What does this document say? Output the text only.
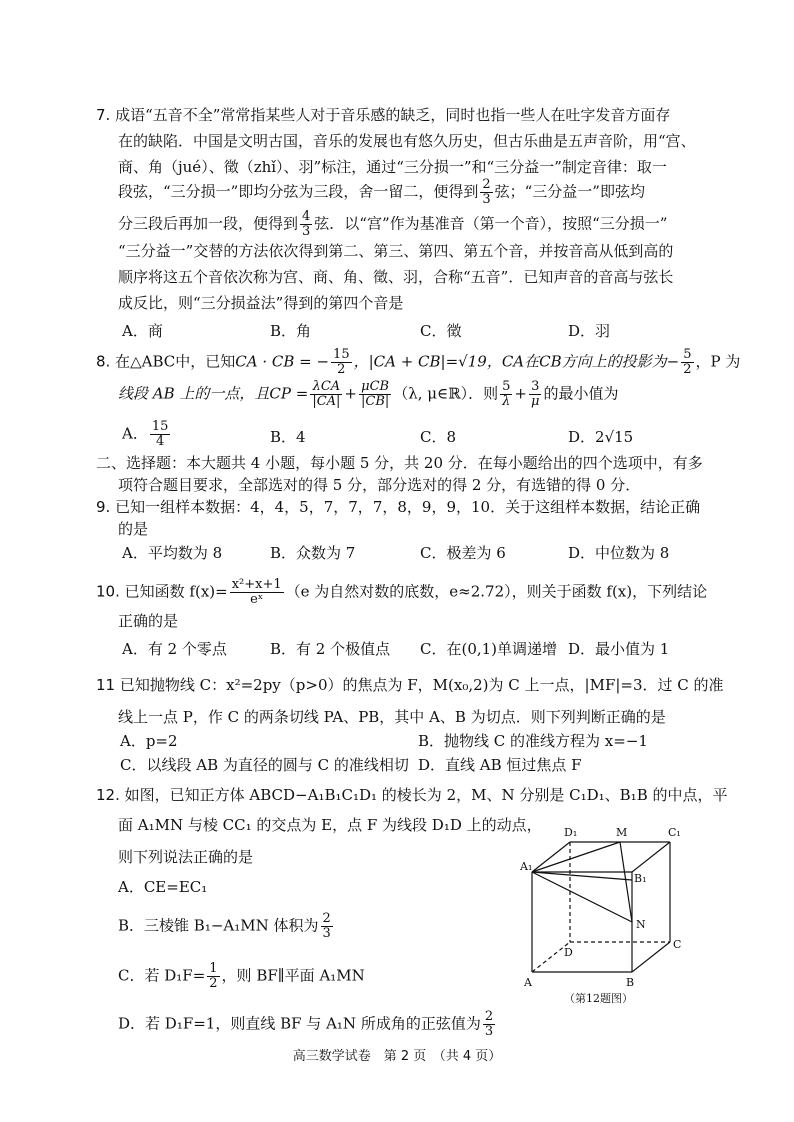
7. 成语“五音不全”常常指某些人对于音乐感的缺乏，同时也指一些人在吐字发音方面存
在的缺陷．中国是文明古国，音乐的发展也有悠久历史，但古乐曲是五声音阶，用“宫、
商、角（jué）、徵（zhǐ）、羽”标注，通过“三分损一”和“三分益一”制定音律：取一
段弦，“三分损一”即均分弦为三段，舍一留二，便得到 $\frac{2}{3}$ 弦；“三分益一”即弦均
分三段后再加一段，便得到 $\frac{4}{3}$ 弦．以“宫”作为基准音（第一个音），按照“三分损一”
“三分益一”交替的方法依次得到第二、第三、第四、第五个音，并按音高从低到高的
顺序将这五个音依次称为宫、商、角、徵、羽，合称“五音”．已知声音的音高与弦长
成反比，则“三分损益法”得到的第四个音是
A．商	B．角	C．徵	D．羽
8. 在△ABC中，已知CA · CB = − $\frac{15}{2}$ ，|CA + CB|=√19，CA在CB方向上的投影为− $\frac{5}{2}$ ，P 为
线段 AB 上的一点，且CP = $\frac{\text{λCA}}{|CA|} + \frac{\text{μCB}}{|CB|} (\lambda$, μ∈ℝ）．则 $\frac{5}{\lambda} + \frac{3}{\mu}$ 的最小值为
A． $\frac{15}{4}$	B．4	C．8	D．2√15
二、选择题：本大题共 4 小题，每小题 5 分，共 20 分．在每小题给出的四个选项中，有多
项符合题目要求，全部选对的得 5 分，部分选对的得 2 分，有选错的得 0 分．
9. 已知一组样本数据：4，4，5，7，7，7，8，9，9，10．关于这组样本数据，结论正确
的是
A．平均数为 8	B．众数为 7	C．极差为 6	D．中位数为 8
10. 已知函数 $f(x)= \frac{\text{x²+x+1}}{\text{eˣ}} (e$ 为自然对数的底数，e≈2.72），则关于函数 f(x)，下列结论
正确的是
A．有 2 个零点	B．有 2 个极值点 C．在(0,1)单调递增 D．最小值为 1
11 已知抛物线 C：x²=2py（p>0）的焦点为 F，M(x₀,2)为 C 上一点，|MF|=3．过 C 的准
线上一点 P，作 C 的两条切线 PA、PB，其中 A、B 为切点．则下列判断正确的是
A．p=2	B．抛物线 C 的准线方程为 x=−1
C．以线段 AB 为直径的圆与 C 的准线相切 D．直线 AB 恒过焦点 F
12. 如图，已知正方体 ABCD−A₁B₁C₁D₁ 的棱长为 2，M、N 分别是 C₁D₁、B₁B 的中点，平
面 A₁MN 与棱 CC₁ 的交点为 E，点 F 为线段 D₁D 上的动点，
则下列说法正确的是
A．CE=EC₁
B．三棱锥 B₁−A₁MN 体积为 $\frac{2}{3}$
C．若 $D_1F= \frac{1}{2}$ ，则 BF∥平面 A₁MN
D．若 D₁F=1，则直线 BF 与 A₁N 所成角的正弦值为 $\frac{2}{3}$
D₁	M	C₁
A₁
B₁
N
D
C
A	B
（第12题图）
高三数学试卷　第 2 页　（共 4 页）
